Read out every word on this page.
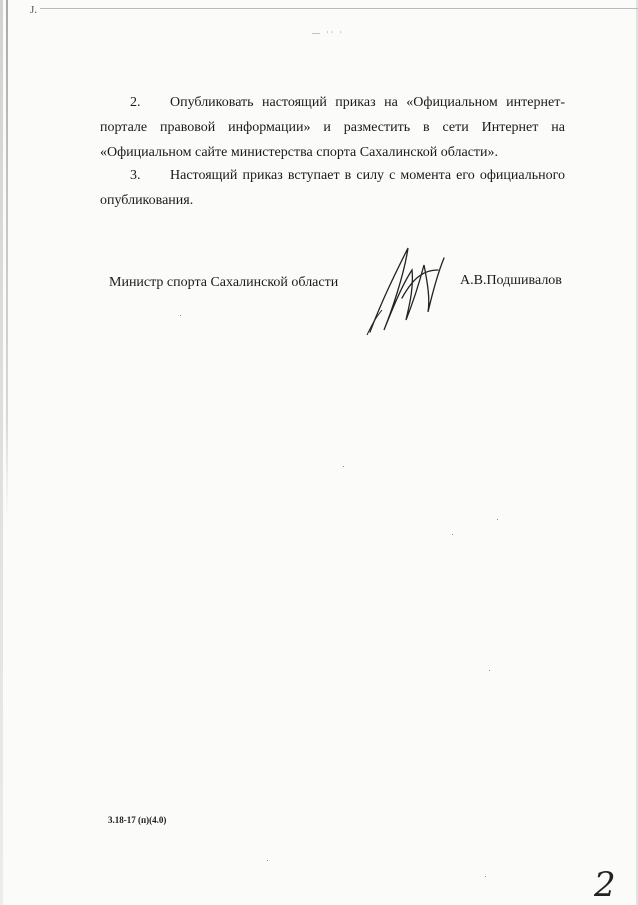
J.
— ·· ·

2. Опубликовать настоящий приказ на «Официальном интернет-портале правовой информации» и разместить в сети Интернет на «Официальном сайте министерства спорта Сахалинской области».

3. Настоящий приказ вступает в силу с момента его официального опубликования.

Министр спорта Сахалинской области	А.В.Подшивалов
3.18-17 (п)(4.0)
2
